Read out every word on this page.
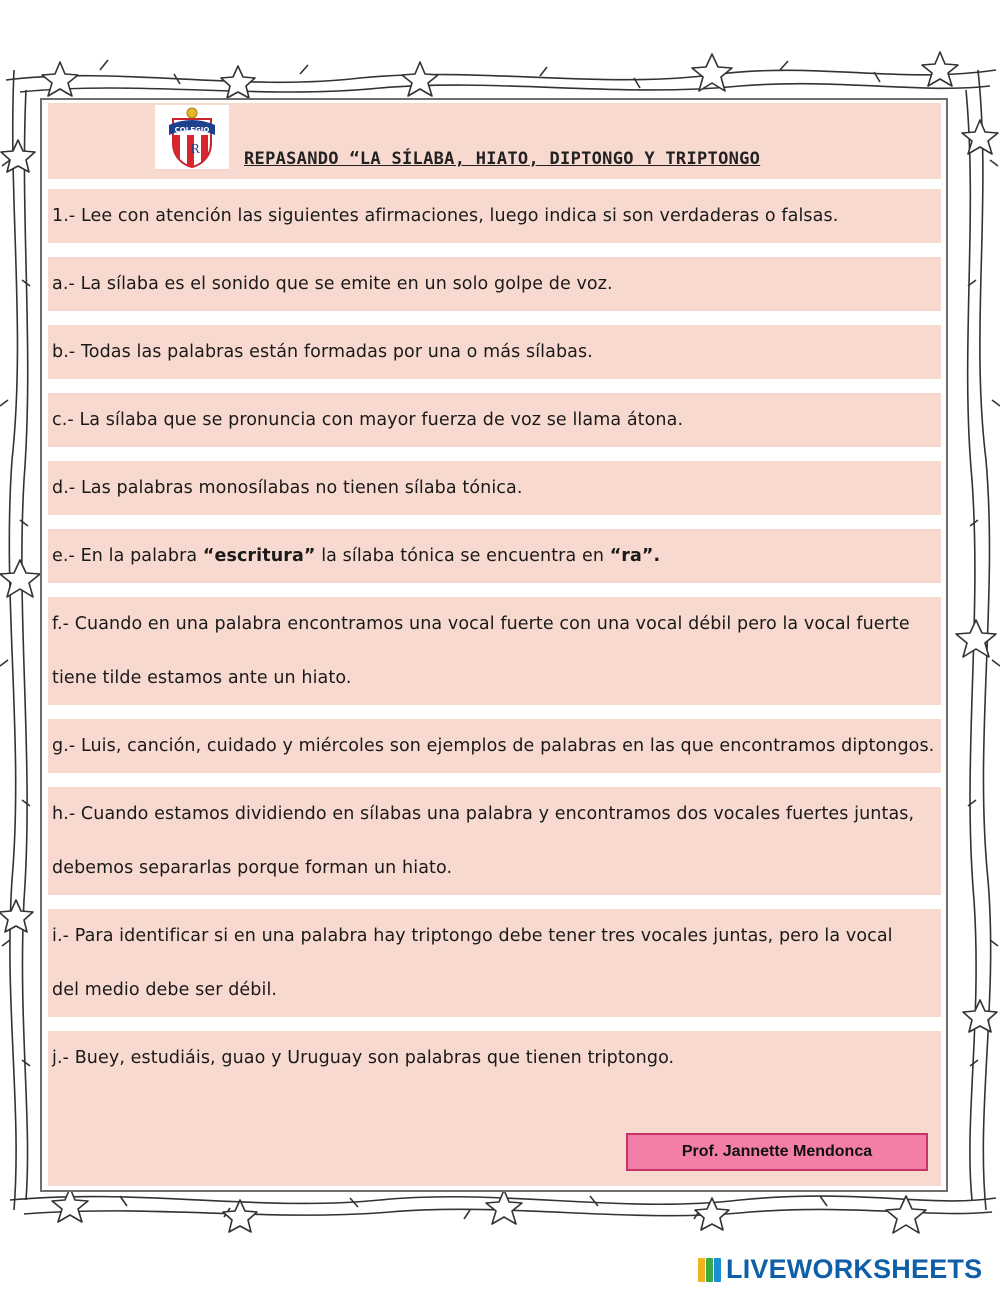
COLEGIO
R	REPASANDO “LA SÍLABA, HIATO, DIPTONGO Y TRIPTONGO
1.- Lee con atención las siguientes afirmaciones, luego indica si son verdaderas o falsas.
a.- La sílaba es el sonido que se emite en un solo golpe de voz.
b.- Todas las palabras están formadas por una o más sílabas.
c.- La sílaba que se pronuncia con mayor fuerza de voz se llama átona.
d.- Las palabras monosílabas no tienen sílaba tónica.
e.- En la palabra “escritura” la sílaba tónica se encuentra en “ra”.
f.- Cuando en una palabra encontramos una vocal fuerte con una vocal débil pero la vocal fuerte
tiene tilde estamos ante un hiato.
g.- Luis, canción, cuidado y miércoles son ejemplos de palabras en las que encontramos diptongos.
h.- Cuando estamos dividiendo en sílabas una palabra y encontramos dos vocales fuertes juntas,
debemos separarlas porque forman un hiato.
i.- Para identificar si en una palabra hay triptongo debe tener tres vocales juntas, pero la vocal
del medio debe ser débil.
j.- Buey, estudiáis, guao y Uruguay son palabras que tienen triptongo.
Prof. Jannette Mendonca
LIVEWORKSHEETS
